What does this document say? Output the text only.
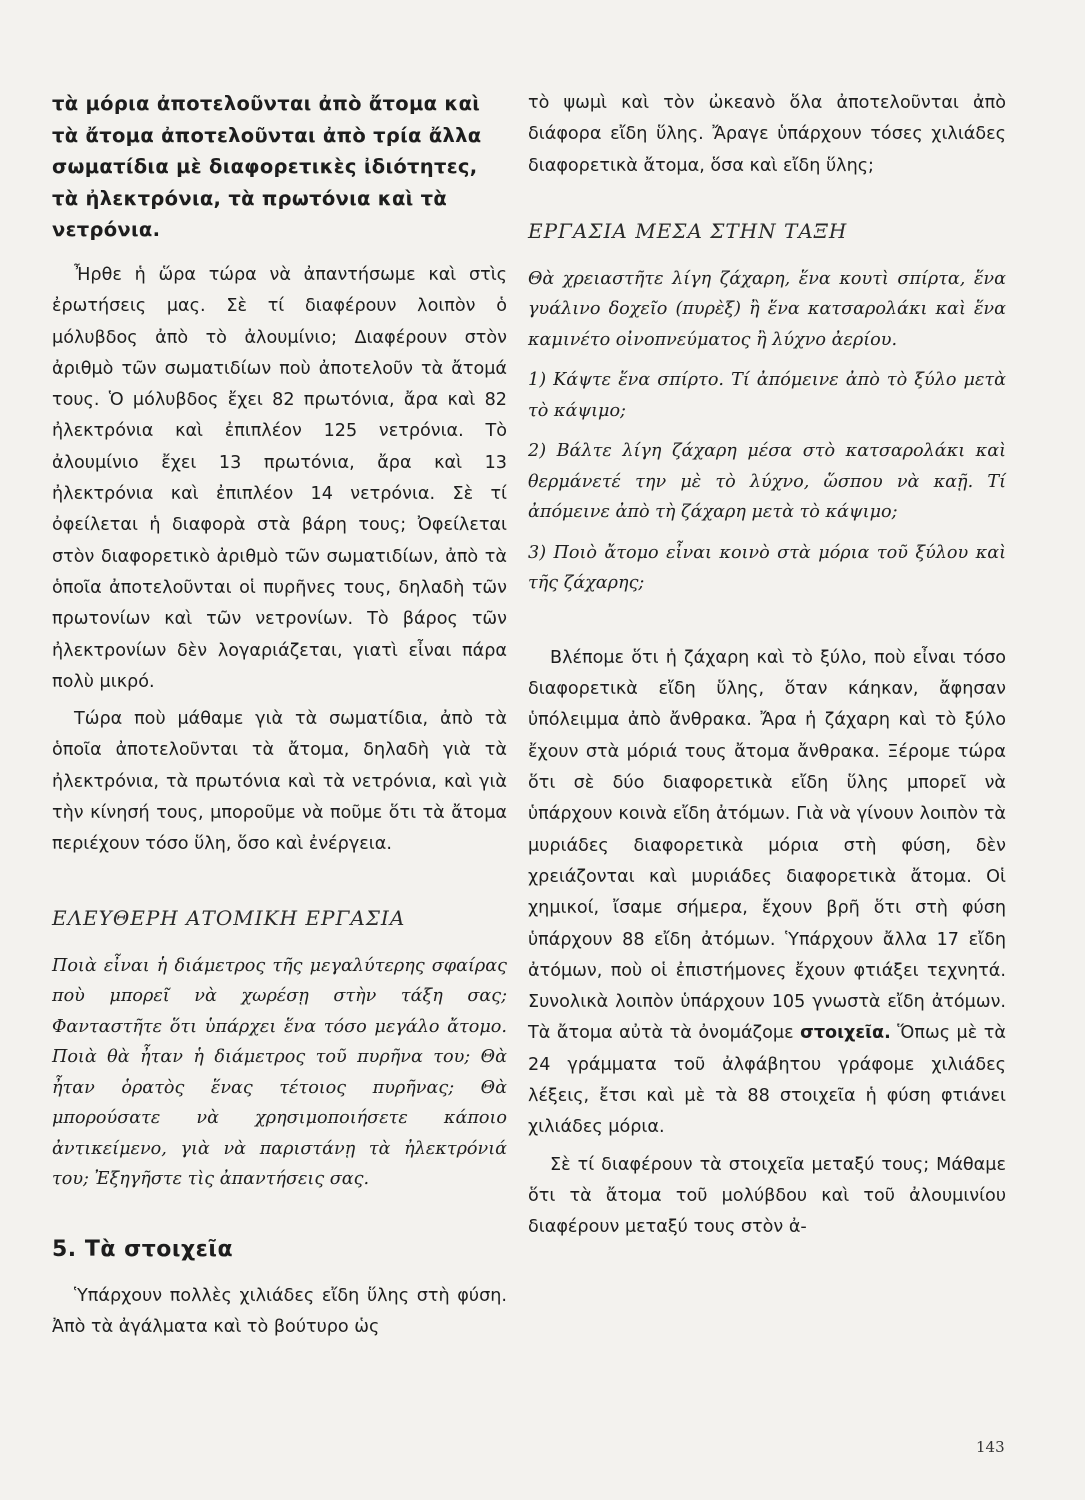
τὰ μόρια ἀποτελοῦνται ἀπὸ ἄτομα καὶ τὰ ἄτομα ἀποτελοῦνται ἀπὸ τρία ἄλλα σωματίδια μὲ διαφορετικὲς ἰδιότητες, τὰ ἠλεκτρόνια, τὰ πρωτόνια καὶ τὰ νετρόνια.

Ἦρθε ἡ ὥρα τώρα νὰ ἀπαντήσωμε καὶ στὶς ἐρωτήσεις μας. Σὲ τί διαφέρουν λοιπὸν ὁ μόλυβδος ἀπὸ τὸ ἀλουμίνιο; Διαφέρουν στὸν ἀριθμὸ τῶν σωματιδίων ποὺ ἀποτελοῦν τὰ ἄτομά τους. Ὁ μόλυβδος ἔχει 82 πρωτόνια, ἄρα καὶ 82 ἠλεκτρόνια καὶ ἐπιπλέον 125 νετρόνια. Τὸ ἀλουμίνιο ἔχει 13 πρωτόνια, ἄρα καὶ 13 ἠλεκτρόνια καὶ ἐπιπλέον 14 νετρόνια. Σὲ τί ὀφείλεται ἡ διαφορὰ στὰ βάρη τους; Ὀφείλεται στὸν διαφορετικὸ ἀριθμὸ τῶν σωματιδίων, ἀπὸ τὰ ὁποῖα ἀποτελοῦνται οἱ πυρῆνες τους, δηλαδὴ τῶν πρωτονίων καὶ τῶν νετρονίων. Τὸ βάρος τῶν ἠλεκτρονίων δὲν λογαριάζεται, γιατὶ εἶναι πάρα πολὺ μικρό.

Τώρα ποὺ μάθαμε γιὰ τὰ σωματίδια, ἀπὸ τὰ ὁποῖα ἀποτελοῦνται τὰ ἄτομα, δηλαδὴ γιὰ τὰ ἠλεκτρόνια, τὰ πρωτόνια καὶ τὰ νετρόνια, καὶ γιὰ τὴν κίνησή τους, μποροῦμε νὰ ποῦμε ὅτι τὰ ἄτομα περιέχουν τόσο ὕλη, ὅσο καὶ ἐνέργεια.

ΕΛΕΥΘΕΡΗ ΑΤΟΜΙΚΗ ΕΡΓΑΣΙΑ

Ποιὰ εἶναι ἡ διάμετρος τῆς μεγαλύτερης σφαίρας ποὺ μπορεῖ νὰ χωρέσῃ στὴν τάξη σας; Φανταστῆτε ὅτι ὑπάρχει ἕνα τόσο μεγάλο ἄτομο. Ποιὰ θὰ ἦταν ἡ διάμετρος τοῦ πυρῆνα του; Θὰ ἦταν ὁρατὸς ἕνας τέτοιος πυρῆνας; Θὰ μπορούσατε νὰ χρησιμοποιήσετε κάποιο ἀντικείμενο, γιὰ νὰ παριστάνῃ τὰ ἠλεκτρόνιά του; Ἐξηγῆστε τὶς ἀπαντήσεις σας.

5. Τὰ στοιχεῖα

Ὑπάρχουν πολλὲς χιλιάδες εἴδη ὕλης στὴ φύση. Ἀπὸ τὰ ἀγάλματα καὶ τὸ βούτυρο ὡς

τὸ ψωμὶ καὶ τὸν ὠκεανὸ ὅλα ἀποτελοῦνται ἀπὸ διάφορα εἴδη ὕλης. Ἄραγε ὑπάρχουν τόσες χιλιάδες διαφορετικὰ ἄτομα, ὅσα καὶ εἴδη ὕλης;

ΕΡΓΑΣΙΑ ΜΕΣΑ ΣΤΗΝ ΤΑΞΗ

Θὰ χρειαστῆτε λίγη ζάχαρη, ἕνα κουτὶ σπίρτα, ἕνα γυάλινο δοχεῖο (πυρὲξ) ἢ ἕνα κατσαρολάκι καὶ ἕνα καμινέτο οἰνοπνεύματος ἢ λύχνο ἀερίου.

1) Κάψτε ἕνα σπίρτο. Τί ἀπόμεινε ἀπὸ τὸ ξύλο μετὰ τὸ κάψιμο;

2) Βάλτε λίγη ζάχαρη μέσα στὸ κατσαρολάκι καὶ θερμάνετέ την μὲ τὸ λύχνο, ὥσπου νὰ καῇ. Τί ἀπόμεινε ἀπὸ τὴ ζάχαρη μετὰ τὸ κάψιμο;

3) Ποιὸ ἄτομο εἶναι κοινὸ στὰ μόρια τοῦ ξύλου καὶ τῆς ζάχαρης;

Βλέπομε ὅτι ἡ ζάχαρη καὶ τὸ ξύλο, ποὺ εἶναι τόσο διαφορετικὰ εἴδη ὕλης, ὅταν κάηκαν, ἄφησαν ὑπόλειμμα ἀπὸ ἄνθρακα. Ἄρα ἡ ζάχαρη καὶ τὸ ξύλο ἔχουν στὰ μόριά τους ἄτομα ἄνθρακα. Ξέρομε τώρα ὅτι σὲ δύο διαφορετικὰ εἴδη ὕλης μπορεῖ νὰ ὑπάρχουν κοινὰ εἴδη ἀτόμων. Γιὰ νὰ γίνουν λοιπὸν τὰ μυριάδες διαφορετικὰ μόρια στὴ φύση, δὲν χρειάζονται καὶ μυριάδες διαφορετικὰ ἄτομα. Οἱ χημικοί, ἴσαμε σήμερα, ἔχουν βρῆ ὅτι στὴ φύση ὑπάρχουν 88 εἴδη ἀτόμων. Ὑπάρχουν ἄλλα 17 εἴδη ἀτόμων, ποὺ οἱ ἐπιστήμονες ἔχουν φτιάξει τεχνητά. Συνολικὰ λοιπὸν ὑπάρχουν 105 γνωστὰ εἴδη ἀτόμων. Τὰ ἄτομα αὐτὰ τὰ ὀνομάζομε στοιχεῖα. Ὅπως μὲ τὰ 24 γράμματα τοῦ ἀλφάβητου γράφομε χιλιάδες λέξεις, ἔτσι καὶ μὲ τὰ 88 στοιχεῖα ἡ φύση φτιάνει χιλιάδες μόρια.

Σὲ τί διαφέρουν τὰ στοιχεῖα μεταξύ τους; Μάθαμε ὅτι τὰ ἄτομα τοῦ μολύβδου καὶ τοῦ ἀλουμινίου διαφέρουν μεταξύ τους στὸν ἀ-

143
